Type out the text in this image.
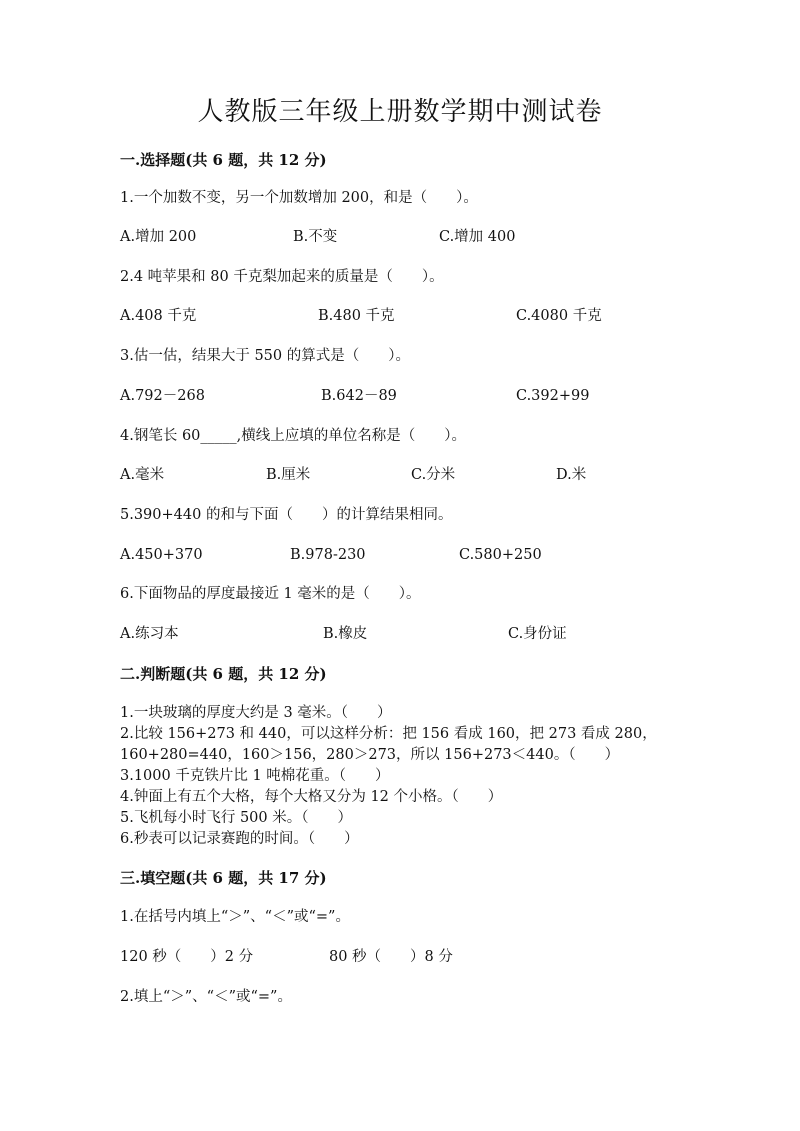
人教版三年级上册数学期中测试卷
一.选择题(共 6 题，共 12 分)
1.一个加数不变，另一个加数增加 200，和是（　　）。
A.增加 200	B.不变	C.增加 400
2.4 吨苹果和 80 千克梨加起来的质量是（　　）。
A.408 千克	B.480 千克	C.4080 千克
3.估一估，结果大于 550 的算式是（　　）。
A.792－268	B.642－89	C.392+99
4.钢笔长 60_____,横线上应填的单位名称是（　　）。
A.毫米	B.厘米	C.分米	D.米
5.390+440 的和与下面（　　）的计算结果相同。
A.450+370	B.978-230	C.580+250
6.下面物品的厚度最接近 1 毫米的是（　　）。
A.练习本	B.橡皮	C.身份证
二.判断题(共 6 题，共 12 分)
1.一块玻璃的厚度大约是 3 毫米。（　　）
2.比较 156+273 和 440，可以这样分析：把 156 看成 160，把 273 看成 280，
160+280=440，160＞156，280＞273，所以 156+273＜440。（　　）
3.1000 千克铁片比 1 吨棉花重。（　　）
4.钟面上有五个大格，每个大格又分为 12 个小格。（　　）
5.飞机每小时飞行 500 米。（　　）
6.秒表可以记录赛跑的时间。（　　）
三.填空题(共 6 题，共 17 分)
1.在括号内填上“＞”、“＜”或“=”。
120 秒（　　）2 分	80 秒（　　）8 分
2.填上“＞”、“＜”或“=”。
